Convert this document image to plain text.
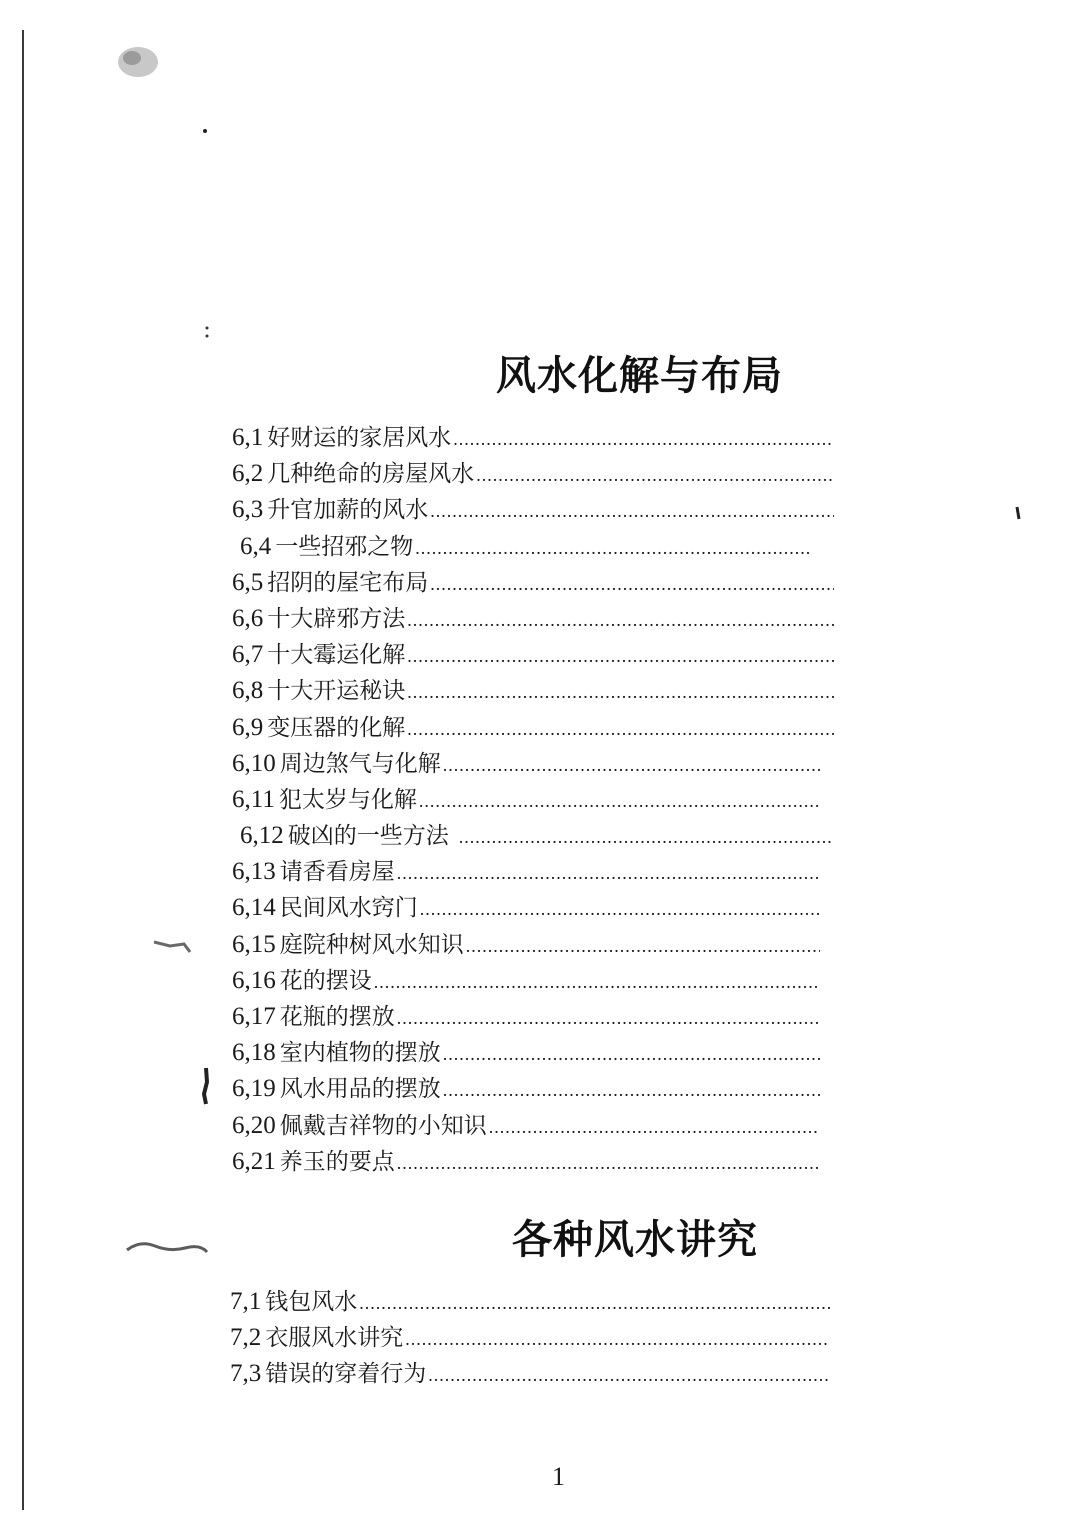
风水化解与布局
6,1 好财运的家居风水
.....
6,2 几种绝命的房屋风水
.....
6,3 升官加薪的风水
.....
6,4 一些招邪之物
.....
6,5 招阴的屋宅布局
.....
6,6 十大辟邪方法
.....
6,7 十大霉运化解
.....
6,8 十大开运秘诀
.....
6,9 变压器的化解
.....
6,10 周边煞气与化解
.....
6,11 犯太岁与化解
.....
6,12 破凶的一些方法
.....
6,13 请香看房屋
.....
6,14 民间风水窍门
.....
6,15 庭院种树风水知识
.....
6,16 花的摆设
.....
6,17 花瓶的摆放
.....
6,18 室内植物的摆放
.....
6,19 风水用品的摆放
.....
6,20 佩戴吉祥物的小知识
.....
6,21 养玉的要点
.....
各种风水讲究
7,1 钱包风水
.....
7,2 衣服风水讲究
.....
7,3 错误的穿着行为
.....

1
